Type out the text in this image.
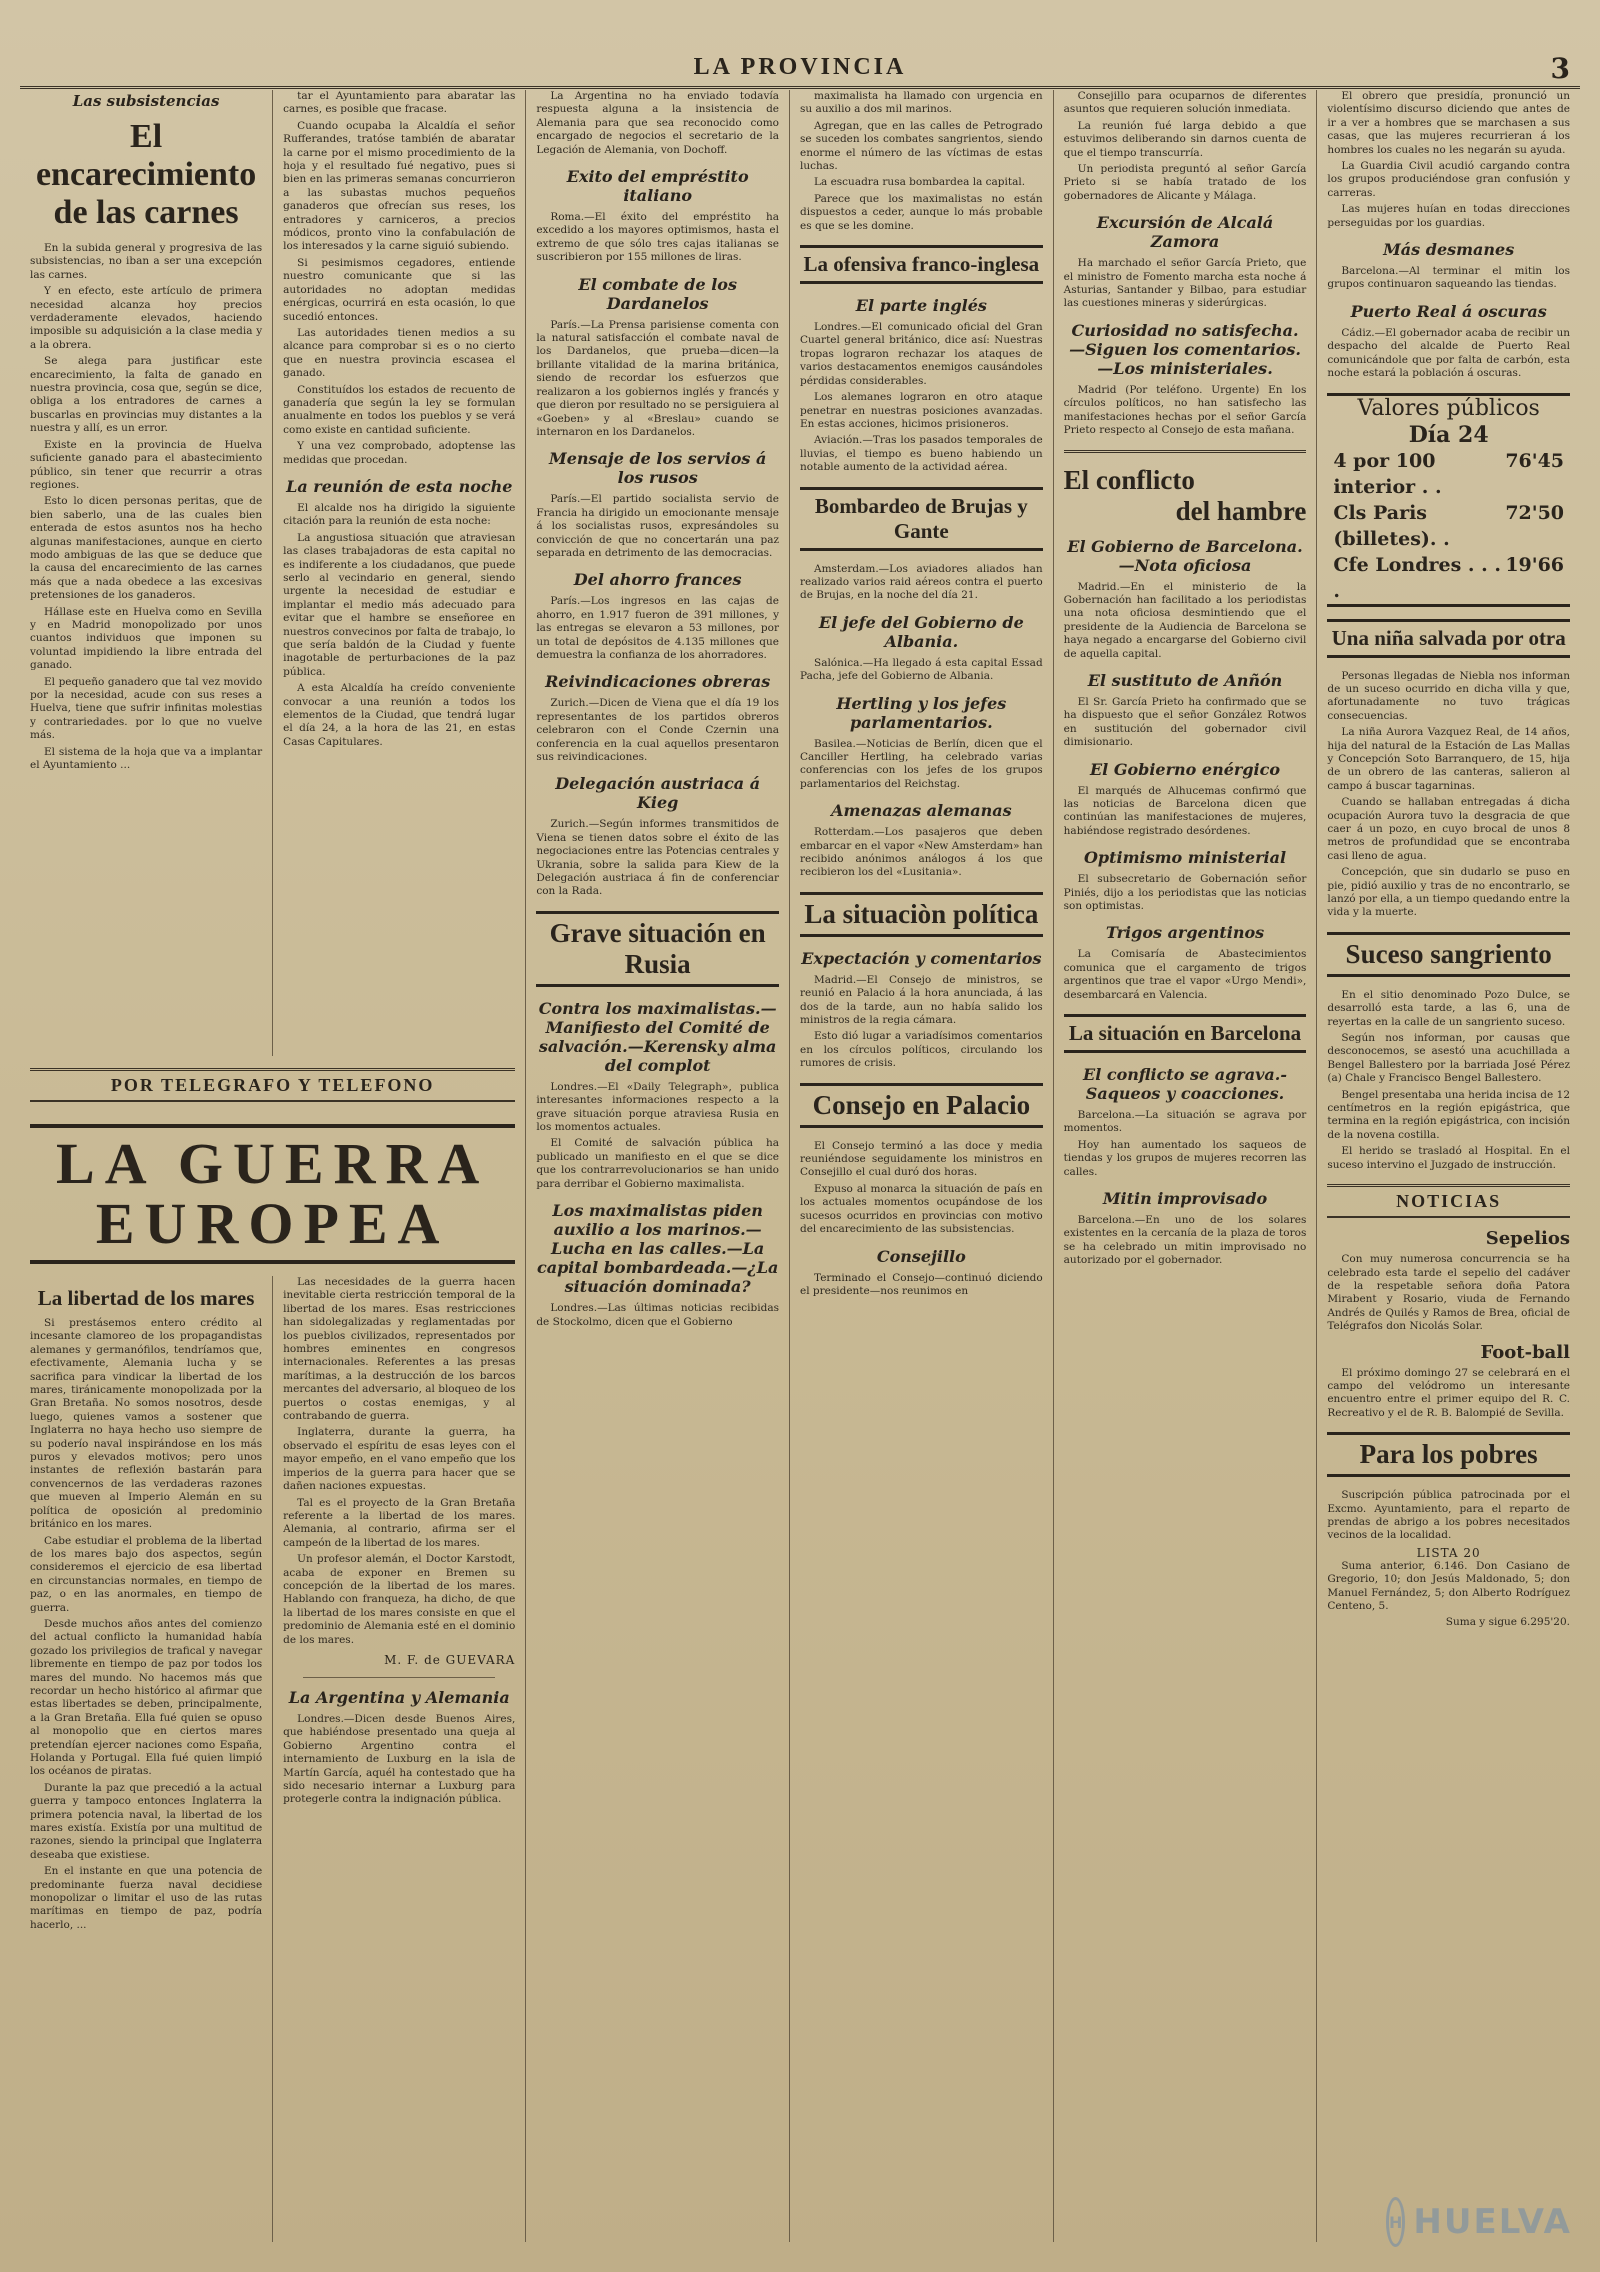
LA PROVINCIA	3
Las subsistencias
El encarecimiento de las carnes

En la subida general y progresiva de las subsistencias, no iban a ser una excepción las carnes.

Y en efecto, este artículo de primera necesidad alcanza hoy precios verdaderamente elevados, haciendo imposible su adquisición a la clase media y a la obrera.

Se alega para justificar este encarecimiento, la falta de ganado en nuestra provincia, cosa que, según se dice, obliga a los entradores de carnes a buscarlas en provincias muy distantes a la nuestra y allí, es un error.

Existe en la provincia de Huelva suficiente ganado para el abastecimiento público, sin tener que recurrir a otras regiones.

Esto lo dicen personas peritas, que de bien saberlo, una de las cuales bien enterada de estos asuntos nos ha hecho algunas manifestaciones, aunque en cierto modo ambiguas de las que se deduce que la causa del encarecimiento de las carnes más que a nada obedece a las excesivas pretensiones de los ganaderos.

Hállase este en Huelva como en Sevilla y en Madrid monopolizado por unos cuantos individuos que imponen su voluntad impidiendo la libre entrada del ganado.

El pequeño ganadero que tal vez movido por la necesidad, acude con sus reses a Huelva, tiene que sufrir infinitas molestias y contrariedades. por lo que no vuelve más.

El sistema de la hoja que va a implantar el Ayuntamiento ...

tar el Ayuntamiento para abaratar las carnes, es posible que fracase.

Cuando ocupaba la Alcaldía el señor Rufferandes, tratóse también de abaratar la carne por el mismo procedimiento de la hoja y el resultado fué negativo, pues si bien en las primeras semanas concurrieron a las subastas muchos pequeños ganaderos que ofrecían sus reses, los entradores y carniceros, a precios módicos, pronto vino la confabulación de los interesados y la carne siguió subiendo.

Si pesimismos cegadores, entiende nuestro comunicante que si las autoridades no adoptan medidas enérgicas, ocurrirá en esta ocasión, lo que sucedió entonces.

Las autoridades tienen medios a su alcance para comprobar si es o no cierto que en nuestra provincia escasea el ganado.

Constituídos los estados de recuento de ganadería que según la ley se formulan anualmente en todos los pueblos y se verá como existe en cantidad suficiente.

Y una vez comprobado, adoptense las medidas que procedan.

La reunión de esta noche

El alcalde nos ha dirigido la siguiente citación para la reunión de esta noche:

La angustiosa situación que atraviesan las clases trabajadoras de esta capital no es indiferente a los ciudadanos, que puede serlo al vecindario en general, siendo urgente la necesidad de estudiar e implantar el medio más adecuado para evitar que el hambre se enseñoree en nuestros convecinos por falta de trabajo, lo que sería baldón de la Ciudad y fuente inagotable de perturbaciones de la paz pública.

A esta Alcaldía ha creído conveniente convocar a una reunión a todos los elementos de la Ciudad, que tendrá lugar el día 24, a la hora de las 21, en estas Casas Capitulares.

POR TELEGRAFO Y TELEFONO
LA GUERRA
EUROPEA
La libertad de los mares

Si prestásemos entero crédito al incesante clamoreo de los propagandistas alemanes y germanófilos, tendríamos que, efectivamente, Alemania lucha y se sacrifica para vindicar la libertad de los mares, tiránicamente monopolizada por la Gran Bretaña. No somos nosotros, desde luego, quienes vamos a sostener que Inglaterra no haya hecho uso siempre de su poderío naval inspirándose en los más puros y elevados motivos; pero unos instantes de reflexión bastarán para convencernos de las verdaderas razones que mueven al Imperio Alemán en su política de oposición al predominio británico en los mares.

Cabe estudiar el problema de la libertad de los mares bajo dos aspectos, según consideremos el ejercicio de esa libertad en circunstancias normales, en tiempo de paz, o en las anormales, en tiempo de guerra.

Desde muchos años antes del comienzo del actual conflicto la humanidad había gozado los privilegios de trafical y navegar libremente en tiempo de paz por todos los mares del mundo. No hacemos más que recordar un hecho histórico al afirmar que estas libertades se deben, principalmente, a la Gran Bretaña. Ella fué quien se opuso al monopolio que en ciertos mares pretendían ejercer naciones como España, Holanda y Portugal. Ella fué quien limpió los océanos de piratas.

Durante la paz que precedió a la actual guerra y tampoco entonces Inglaterra la primera potencia naval, la libertad de los mares existía. Existía por una multitud de razones, siendo la principal que Inglaterra deseaba que existiese.

En el instante en que una potencia de predominante fuerza naval decidiese monopolizar o limitar el uso de las rutas marítimas en tiempo de paz, podría hacerlo, ...

Las necesidades de la guerra hacen inevitable cierta restricción temporal de la libertad de los mares. Esas restricciones han sidolegalizadas y reglamentadas por los pueblos civilizados, representados por hombres eminentes en congresos internacionales. Referentes a las presas marítimas, a la destrucción de los barcos mercantes del adversario, al bloqueo de los puertos o costas enemigas, y al contrabando de guerra.

Inglaterra, durante la guerra, ha observado el espíritu de esas leyes con el mayor empeño, en el vano empeño que los imperios de la guerra para hacer que se dañen naciones expuestas.

Tal es el proyecto de la Gran Bretaña referente a la libertad de los mares. Alemania, al contrario, afirma ser el campeón de la libertad de los mares.

Un profesor alemán, el Doctor Karstodt, acaba de exponer en Bremen su concepción de la libertad de los mares. Hablando con franqueza, ha dicho, de que la libertad de los mares consiste en que el predominio de Alemania esté en el dominio de los mares.

M. F. de GUEVARA
La Argentina y Alemania

Londres.—Dicen desde Buenos Aires, que habiéndose presentado una queja al Gobierno Argentino contra el internamiento de Luxburg en la isla de Martín García, aquél ha contestado que ha sido necesario internar a Luxburg para protegerle contra la indignación pública.

La Argentina no ha enviado todavía respuesta alguna a la insistencia de Alemania para que sea reconocido como encargado de negocios el secretario de la Legación de Alemania, von Dochoff.

Exito del empréstito italiano

Roma.—El éxito del empréstito ha excedido a los mayores optimismos, hasta el extremo de que sólo tres cajas italianas se suscribieron por 155 millones de liras.

El combate de los Dardanelos

París.—La Prensa parisiense comenta con la natural satisfacción el combate naval de los Dardanelos, que prueba—dicen—la brillante vitalidad de la marina británica, siendo de recordar los esfuerzos que realizaron a los gobiernos inglés y francés y que dieron por resultado no se persiguiera al «Goeben» y al «Breslau» cuando se internaron en los Dardanelos.

Mensaje de los servios á los rusos

París.—El partido socialista servio de Francia ha dirigido un emocionante mensaje á los socialistas rusos, expresándoles su convicción de que no concertarán una paz separada en detrimento de las democracias.

Del ahorro frances

París.—Los ingresos en las cajas de ahorro, en 1.917 fueron de 391 millones, y las entregas se elevaron a 53 millones, por un total de depósitos de 4.135 millones que demuestra la confianza de los ahorradores.

Reivindicaciones obreras

Zurich.—Dicen de Viena que el día 19 los representantes de los partidos obreros celebraron con el Conde Czernin una conferencia en la cual aquellos presentaron sus reivindicaciones.

Delegación austriaca á Kieg

Zurich.—Según informes transmitidos de Viena se tienen datos sobre el éxito de las negociaciones entre las Potencias centrales y Ukrania, sobre la salida para Kiew de la Delegación austriaca á fin de conferenciar con la Rada.

Grave situación en Rusia
Contra los maximalistas.—Manifiesto del Comité de salvación.—Kerensky alma del complot

Londres.—El «Daily Telegraph», publica interesantes informaciones respecto a la grave situación porque atraviesa Rusia en los momentos actuales.

El Comité de salvación pública ha publicado un manifiesto en el que se dice que los contrarrevolucionarios se han unido para derribar el Gobierno maximalista.

Los maximalistas piden auxilio a los marinos.—Lucha en las calles.—La capital bombardeada.—¿La situación dominada?

Londres.—Las últimas noticias recibidas de Stockolmo, dicen que el Gobierno

maximalista ha llamado con urgencia en su auxilio a dos mil marinos.

Agregan, que en las calles de Petrogrado se suceden los combates sangrientos, siendo enorme el número de las víctimas de estas luchas.

La escuadra rusa bombardea la capital.

Parece que los maximalistas no están dispuestos a ceder, aunque lo más probable es que se les domine.

La ofensiva franco-inglesa
El parte inglés

Londres.—El comunicado oficial del Gran Cuartel general británico, dice así: Nuestras tropas lograron rechazar los ataques de varios destacamentos enemigos causándoles pérdidas considerables.

Los alemanes lograron en otro ataque penetrar en nuestras posiciones avanzadas. En estas acciones, hicimos prisioneros.

Aviación.—Tras los pasados temporales de lluvias, el tiempo es bueno habiendo un notable aumento de la actividad aérea.

Bombardeo de Brujas y Gante

Amsterdam.—Los aviadores aliados han realizado varios raid aéreos contra el puerto de Brujas, en la noche del día 21.

El jefe del Gobierno de Albania.

Salónica.—Ha llegado á esta capital Essad Pacha, jefe del Gobierno de Albania.

Hertling y los jefes parlamentarios.

Basilea.—Noticias de Berlín, dicen que el Canciller Hertling, ha celebrado varias conferencias con los jefes de los grupos parlamentarios del Reichstag.

Amenazas alemanas

Rotterdam.—Los pasajeros que deben embarcar en el vapor «New Amsterdam» han recibido anónimos análogos á los que recibieron los del «Lusitania».

La situaciòn política
Expectación y comentarios

Madrid.—El Consejo de ministros, se reunió en Palacio á la hora anunciada, á las dos de la tarde, aun no había salido los ministros de la regia cámara.

Esto dió lugar a variadísimos comentarios en los círculos políticos, circulando los rumores de crisis.

Consejo en Palacio

El Consejo terminó a las doce y media reuniéndose seguidamente los ministros en Consejillo el cual duró dos horas.

Expuso al monarca la situación de país en los actuales momentos ocupándose de los sucesos ocurridos en provincias con motivo del encarecimiento de las subsistencias.

Consejillo

Terminado el Consejo—continuó diciendo el presidente—nos reunimos en

Consejillo para ocuparnos de diferentes asuntos que requieren solución inmediata.

La reunión fué larga debido a que estuvimos deliberando sin darnos cuenta de que el tiempo transcurría.

Un periodista preguntó al señor García Prieto si se había tratado de los gobernadores de Alicante y Málaga.

Excursión de Alcalá Zamora

Ha marchado el señor García Prieto, que el ministro de Fomento marcha esta noche á Asturias, Santander y Bilbao, para estudiar las cuestiones mineras y siderúrgicas.

Curiosidad no satisfecha.—Siguen los comentarios.—Los ministeriales.

Madrid (Por teléfono. Urgente) En los círculos políticos, no han satisfecho las manifestaciones hechas por el señor García Prieto respecto al Consejo de esta mañana.

El conflicto
del hambre
El Gobierno de Barcelona.—Nota oficiosa

Madrid.—En el ministerio de la Gobernación han facilitado a los periodistas una nota oficiosa desmintiendo que el presidente de la Audiencia de Barcelona se haya negado a encargarse del Gobierno civil de aquella capital.

El sustituto de Anñón

El Sr. García Prieto ha confirmado que se ha dispuesto que el señor González Rotwos en sustitución del gobernador civil dimisionario.

El Gobierno enérgico

El marqués de Alhucemas confirmó que las noticias de Barcelona dicen que continúan las manifestaciones de mujeres, habiéndose registrado desórdenes.

Optimismo ministerial

El subsecretario de Gobernación señor Piniés, dijo a los periodistas que las noticias son optimistas.

Trigos argentinos

La Comisaría de Abastecimientos comunica que el cargamento de trigos argentinos que trae el vapor «Urgo Mendi», desembarcará en Valencia.

La situación en Barcelona
El conflicto se agrava.-Saqueos y coacciones.

Barcelona.—La situación se agrava por momentos.

Hoy han aumentado los saqueos de tiendas y los grupos de mujeres recorren las calles.

Mitin improvisado

Barcelona.—En uno de los solares existentes en la cercanía de la plaza de toros se ha celebrado un mitin improvisado no autorizado por el gobernador.

El obrero que presidía, pronunció un violentísimo discurso diciendo que antes de ir a ver a hombres que se marchasen a sus casas, que las mujeres recurrieran á los hombres los cuales no les negarán su ayuda.

La Guardia Civil acudió cargando contra los grupos produciéndose gran confusión y carreras.

Las mujeres huían en todas direcciones perseguidas por los guardias.

Más desmanes

Barcelona.—Al terminar el mitin los grupos continuaron saqueando las tiendas.

Puerto Real á oscuras

Cádiz.—El gobernador acaba de recibir un despacho del alcalde de Puerto Real comunicándole que por falta de carbón, esta noche estará la población á oscuras.

Valores públicos
Día 24
4 por 100 interior . .
76'45
Cls Paris (billetes). .
72'50
Cfe Londres . . . .
19'66
Una niña salvada por otra

Personas llegadas de Niebla nos informan de un suceso ocurrido en dicha villa y que, afortunadamente no tuvo trágicas consecuencias.

La niña Aurora Vazquez Real, de 14 años, hija del natural de la Estación de Las Mallas y Concepción Soto Barranquero, de 15, hija de un obrero de las canteras, salieron al campo á buscar tagarninas.

Cuando se hallaban entregadas á dicha ocupación Aurora tuvo la desgracia de que caer á un pozo, en cuyo brocal de unos 8 metros de profundidad que se encontraba casi lleno de agua.

Concepción, que sin dudarlo se puso en pie, pidió auxilio y tras de no encontrarlo, se lanzó por ella, a un tiempo quedando entre la vida y la muerte.

Suceso sangriento

En el sitio denominado Pozo Dulce, se desarrolló esta tarde, a las 6, una de reyertas en la calle de un sangriento suceso.

Según nos informan, por causas que desconocemos, se asestó una acuchillada a Bengel Ballestero por la barriada José Pérez (a) Chale y Francisco Bengel Ballestero.

Bengel presentaba una herida incisa de 12 centímetros en la región epigástrica, que termina en la región epigástrica, con incisión de la novena costilla.

El herido se trasladó al Hospital. En el suceso intervino el Juzgado de instrucción.

NOTICIAS
Sepelios

Con muy numerosa concurrencia se ha celebrado esta tarde el sepelio del cadáver de la respetable señora doña Patora Mirabent y Rosario, viuda de Fernando Andrés de Quilés y Ramos de Brea, oficial de Telégrafos don Nicolás Solar.

Foot-ball

El próximo domingo 27 se celebrará en el campo del velódromo un interesante encuentro entre el primer equipo del R. C. Recreativo y el de R. B. Balompié de Sevilla.

Para los pobres

Suscripción pública patrocinada por el Excmo. Ayuntamiento, para el reparto de prendas de abrigo a los pobres necesitados vecinos de la localidad.

LISTA 20

Suma anterior, 6.146. Don Casiano de Gregorio, 10; don Jesús Maldonado, 5; don Manuel Fernández, 5; don Alberto Rodríguez Centeno, 5.

Suma y sigue 6.295'20.

H HUELVA
